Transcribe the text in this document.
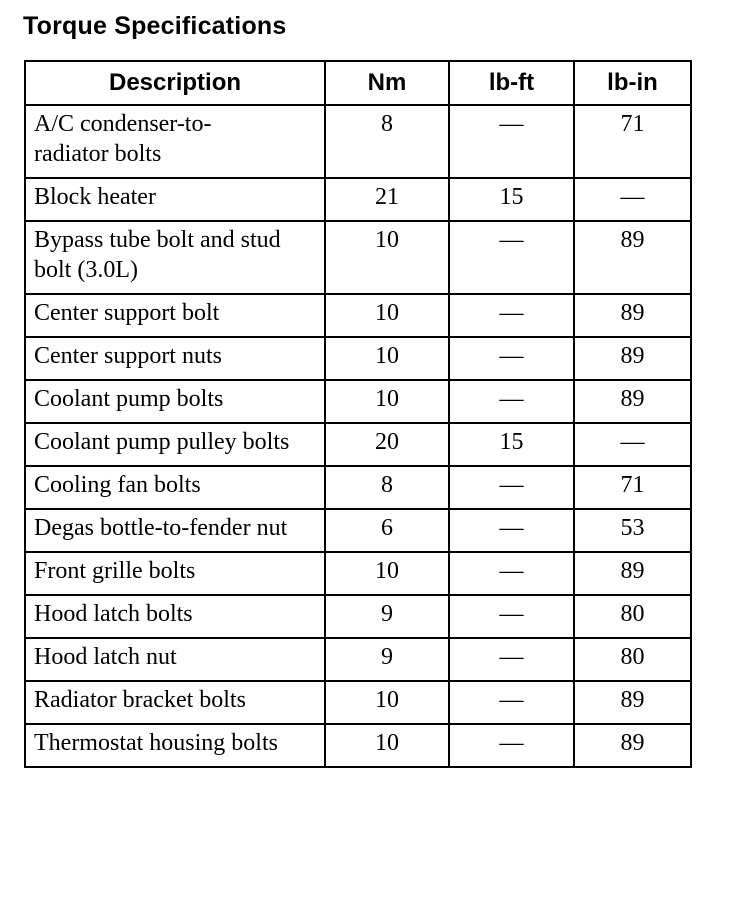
Torque Specifications
Description	Nm	lb-ft	lb-in
A/C condenser-to-radiator bolts	8	—	71
Block heater	21	15	—
Bypass tube bolt and stud bolt (3.0L)	10	—	89
Center support bolt	10	—	89
Center support nuts	10	—	89
Coolant pump bolts	10	—	89
Coolant pump pulley bolts	20	15	—
Cooling fan bolts	8	—	71
Degas bottle-to-fender nut	6	—	53
Front grille bolts	10	—	89
Hood latch bolts	9	—	80
Hood latch nut	9	—	80
Radiator bracket bolts	10	—	89
Thermostat housing bolts	10	—	89
